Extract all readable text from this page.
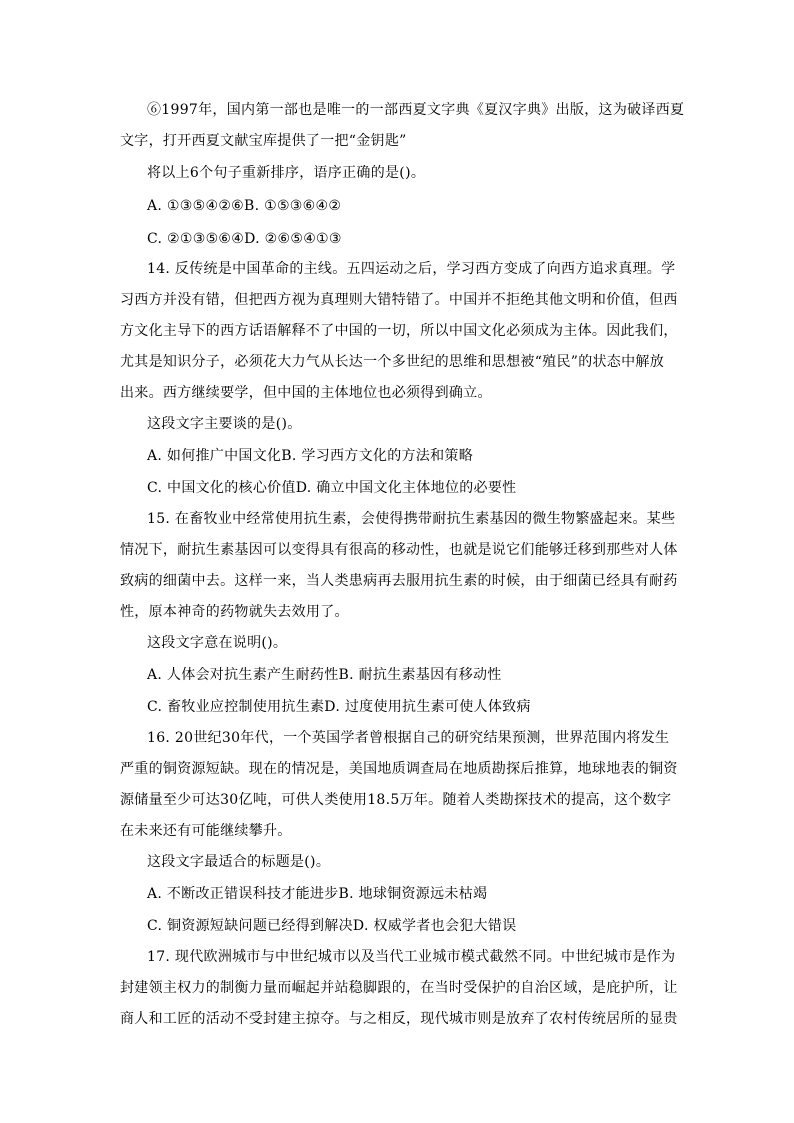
⑥1997年，国内第一部也是唯一的一部西夏文字典《夏汉字典》出版，这为破译西夏
文字，打开西夏文献宝库提供了一把“金钥匙”
将以上6个句子重新排序，语序正确的是()。
A. ①③⑤④②⑥B. ①⑤③⑥④②
C. ②①③⑤⑥④D. ②⑥⑤④①③
14. 反传统是中国革命的主线。五四运动之后，学习西方变成了向西方追求真理。学
习西方并没有错，但把西方视为真理则大错特错了。中国并不拒绝其他文明和价值，但西
方文化主导下的西方话语解释不了中国的一切，所以中国文化必须成为主体。因此我们，
尤其是知识分子，必须花大力气从长达一个多世纪的思维和思想被“殖民”的状态中解放
出来。西方继续要学，但中国的主体地位也必须得到确立。
这段文字主要谈的是()。
A. 如何推广中国文化B. 学习西方文化的方法和策略
C. 中国文化的核心价值D. 确立中国文化主体地位的必要性
15. 在畜牧业中经常使用抗生素，会使得携带耐抗生素基因的微生物繁盛起来。某些
情况下，耐抗生素基因可以变得具有很高的移动性，也就是说它们能够迁移到那些对人体
致病的细菌中去。这样一来，当人类患病再去服用抗生素的时候，由于细菌已经具有耐药
性，原本神奇的药物就失去效用了。
这段文字意在说明()。
A. 人体会对抗生素产生耐药性B. 耐抗生素基因有移动性
C. 畜牧业应控制使用抗生素D. 过度使用抗生素可使人体致病
16. 20世纪30年代，一个英国学者曾根据自己的研究结果预测，世界范围内将发生
严重的铜资源短缺。现在的情况是，美国地质调查局在地质勘探后推算，地球地表的铜资
源储量至少可达30亿吨，可供人类使用18.5万年。随着人类勘探技术的提高，这个数字
在未来还有可能继续攀升。
这段文字最适合的标题是()。
A. 不断改正错误科技才能进步B. 地球铜资源远未枯竭
C. 铜资源短缺问题已经得到解决D. 权威学者也会犯大错误
17. 现代欧洲城市与中世纪城市以及当代工业城市模式截然不同。中世纪城市是作为
封建领主权力的制衡力量而崛起并站稳脚跟的，在当时受保护的自治区域，是庇护所，让
商人和工匠的活动不受封建主掠夺。与之相反，现代城市则是放弃了农村传统居所的显贵
